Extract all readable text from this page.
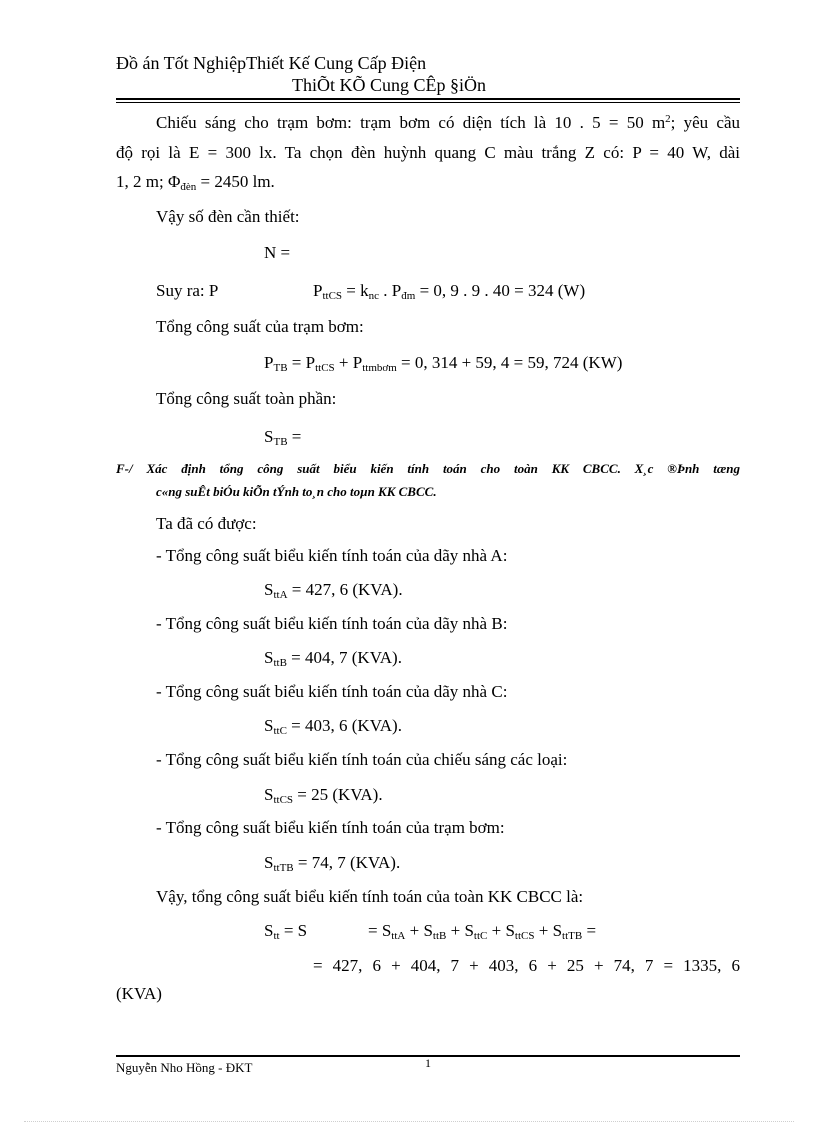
Đồ án Tốt NghiệpThiết Kế Cung Cấp Điện
ThiÕt KÕ Cung CÊp §iÖn
Chiếu sáng cho trạm bơm: trạm bơm có diện tích là 10 . 5 = 50 $m^2$; yêu cầu
độ rọi là E = 300 lx. Ta chọn đèn huỳnh quang C màu trắng Z có: P = 40 W, dài
1, 2 m; $\Phi_{đèn} = 2450$ lm.
Vậy số đèn cần thiết:
N =
Suy ra: P	$P_{ttCS} = k_{nc}$ . $P_{đm} = 0$, 9 . 9 . 40 = 324 (W)
Tổng công suất của trạm bơm:
$P_{TB} = P_{ttCS} + P_{ttmbơm} = 0$, 314 + 59, 4 = 59, 724 (KW)
Tổng công suất toàn phần:
$S_{TB}$ =
F-/ Xác định tổng công suất biểu kiến tính toán cho toàn KK CBCC. X¸c ®Þnh tæng
c«ng suÊt biÓu kiÕn tÝnh to¸n cho toµn KK CBCC.
Ta đã có được:
- Tổng công suất biểu kiến tính toán của dãy nhà A:
$S_{ttA} = 427$, 6 (KVA).
- Tổng công suất biểu kiến tính toán của dãy nhà B:
$S_{ttB} = 404$, 7 (KVA).
- Tổng công suất biểu kiến tính toán của dãy nhà C:
$S_{ttC} = 403$, 6 (KVA).
- Tổng công suất biểu kiến tính toán của chiếu sáng các loại:
$S_{ttCS} = 25$ (KVA).
- Tổng công suất biểu kiến tính toán của trạm bơm:
$S_{ttTB} = 74$, 7 (KVA).
Vậy, tổng công suất biểu kiến tính toán của toàn KK CBCC là:
$S_{tt} = S$	= $S_{ttA} + S_{ttB} + S_{ttC} + S_{ttCS} + S_{ttTB}$ =
= 427, 6 + 404, 7 + 403, 6 + 25 + 74, 7 = 1335, 6
(KVA)
Nguyễn Nho Hồng - ĐKT	1
